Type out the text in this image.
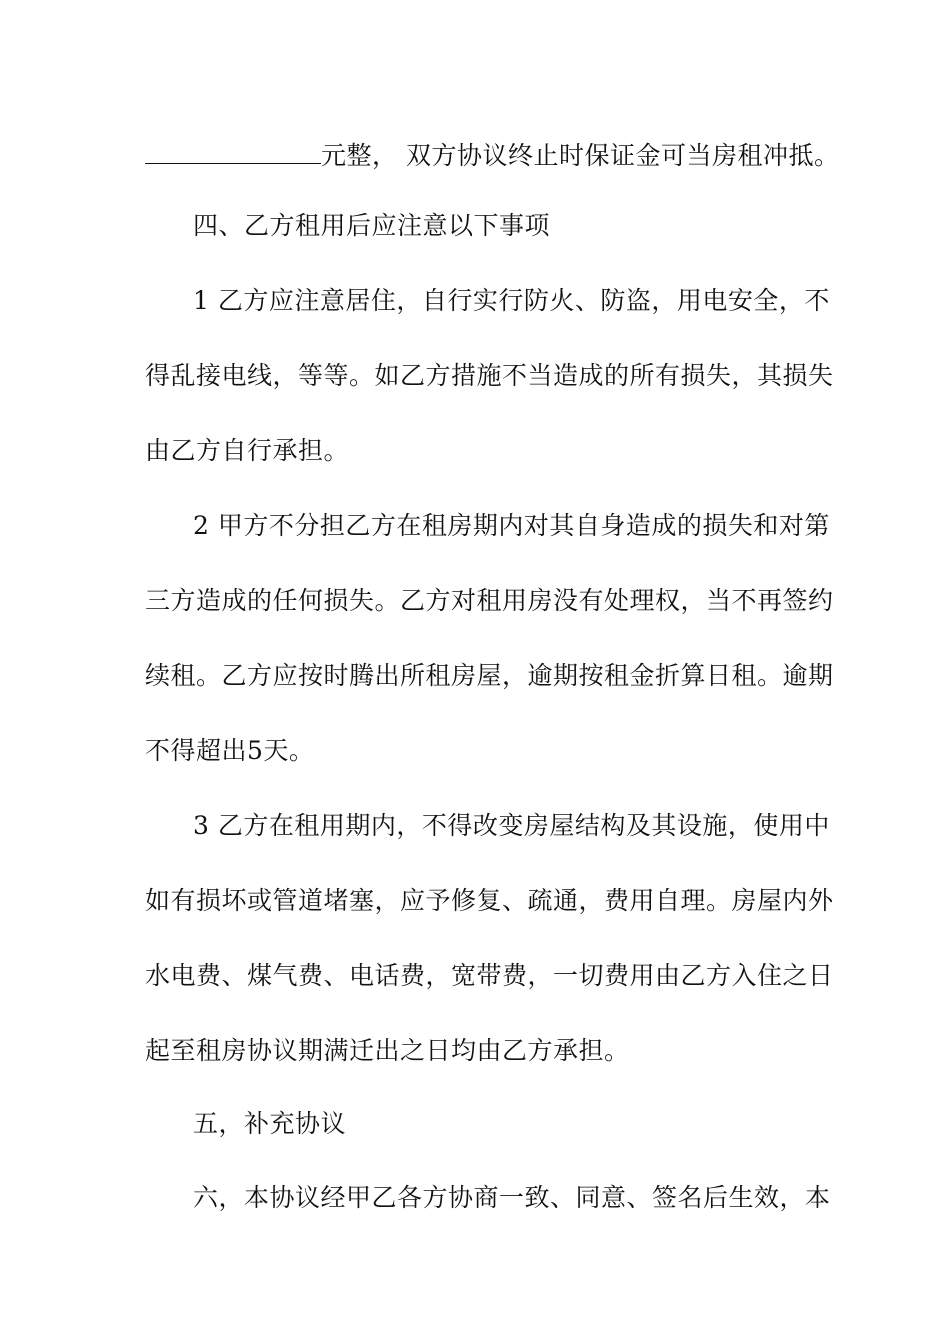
元整， 双方协议终止时保证金可当房租冲抵。
四、乙方租用后应注意以下事项
1 乙方应注意居住，自行实行防火、防盗，用电安全，不
得乱接电线，等等。如乙方措施不当造成的所有损失，其损失
由乙方自行承担。
2 甲方不分担乙方在租房期内对其自身造成的损失和对第
三方造成的任何损失。乙方对租用房没有处理权，当不再签约
续租。乙方应按时腾出所租房屋，逾期按租金折算日租。逾期
不得超出5天。
3 乙方在租用期内，不得改变房屋结构及其设施，使用中
如有损坏或管道堵塞，应予修复、疏通，费用自理。房屋内外
水电费、煤气费、电话费，宽带费，一切费用由乙方入住之日
起至租房协议期满迁出之日均由乙方承担。
五，补充协议
六，本协议经甲乙各方协商一致、同意、签名后生效，本
